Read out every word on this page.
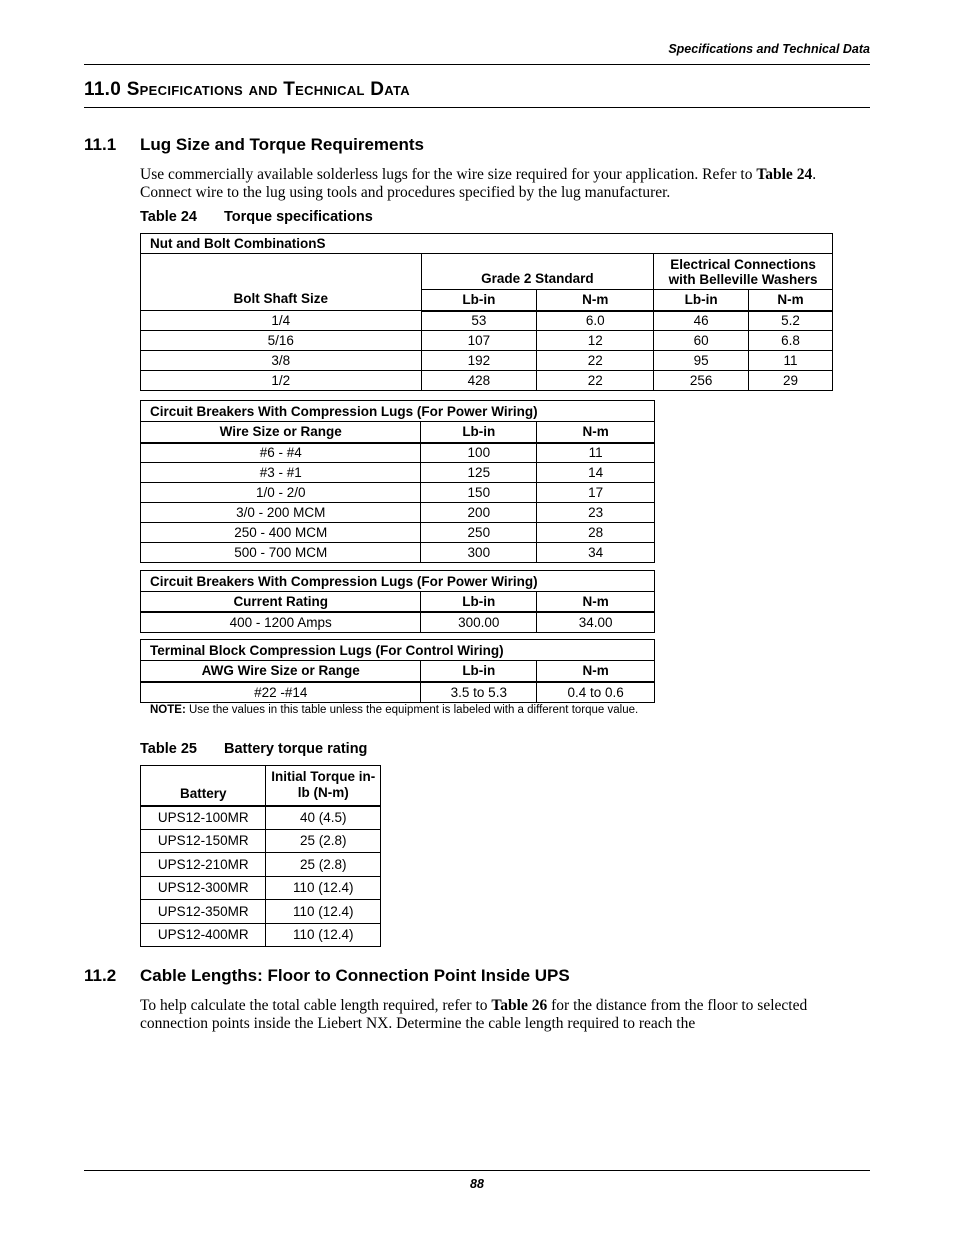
Specifications and Technical Data
11.0 Specifications and Technical Data
11.1 Lug Size and Torque Requirements

Use commercially available solderless lugs for the wire size required for your application. Refer to Table 24. Connect wire to the lug using tools and procedures specified by the lug manufacturer.

Table 24 Torque specifications
Nut and Bolt CombinationS				
Bolt Shaft Size	Grade 2 Standard		Electrical Connections with Belleville Washers	
	Lb-in	N-m	Lb-in	N-m
1/4	53	6.0	46	5.2
5/16	107	12	60	6.8
3/8	192	22	95	11
1/2	428	22	256	29
Circuit Breakers With Compression Lugs (For Power Wiring)		
Wire Size or Range	Lb-in	N-m
#6 - #4	100	11
#3 - #1	125	14
1/0 - 2/0	150	17
3/0 - 200 MCM	200	23
250 - 400 MCM	250	28
500 - 700 MCM	300	34
Circuit Breakers With Compression Lugs (For Power Wiring)		
Current Rating	Lb-in	N-m
400 - 1200 Amps	300.00	34.00
Terminal Block Compression Lugs (For Control Wiring)		
AWG Wire Size or Range	Lb-in	N-m
#22 -#14	3.5 to 5.3	0.4 to 0.6
NOTE: Use the values in this table unless the equipment is labeled with a different torque value.
Table 25 Battery torque rating
Battery	Initial Torque in-lb (N-m)
UPS12-100MR	40 (4.5)
UPS12-150MR	25 (2.8)
UPS12-210MR	25 (2.8)
UPS12-300MR	110 (12.4)
UPS12-350MR	110 (12.4)
UPS12-400MR	110 (12.4)
11.2 Cable Lengths: Floor to Connection Point Inside UPS

To help calculate the total cable length required, refer to Table 26 for the distance from the floor to selected connection points inside the Liebert NX. Determine the cable length required to reach the

88
